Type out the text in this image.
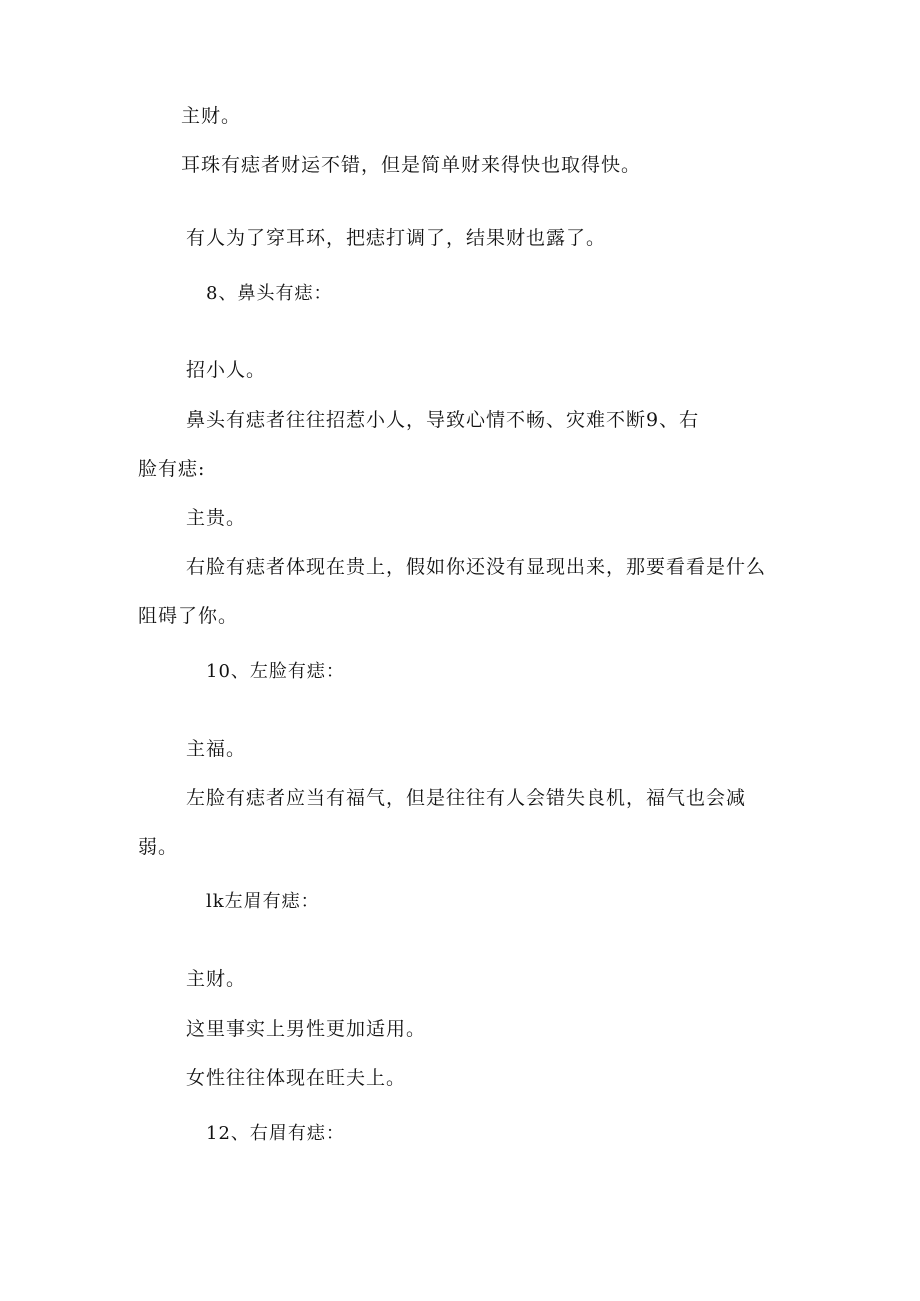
主财。
耳珠有痣者财运不错，但是简单财来得快也取得快。
有人为了穿耳环，把痣打调了，结果财也露了。
8、鼻头有痣：
招小人。
鼻头有痣者往往招惹小人，导致心情不畅、灾难不断9、右
脸有痣:
主贵。
右脸有痣者体现在贵上，假如你还没有显现出来，那要看看是什么
阻碍了你。
10、左脸有痣：
主福。
左脸有痣者应当有福气，但是往往有人会错失良机，福气也会减
弱。
lk左眉有痣：
主财。
这里事实上男性更加适用。
女性往往体现在旺夫上。
12、右眉有痣：
